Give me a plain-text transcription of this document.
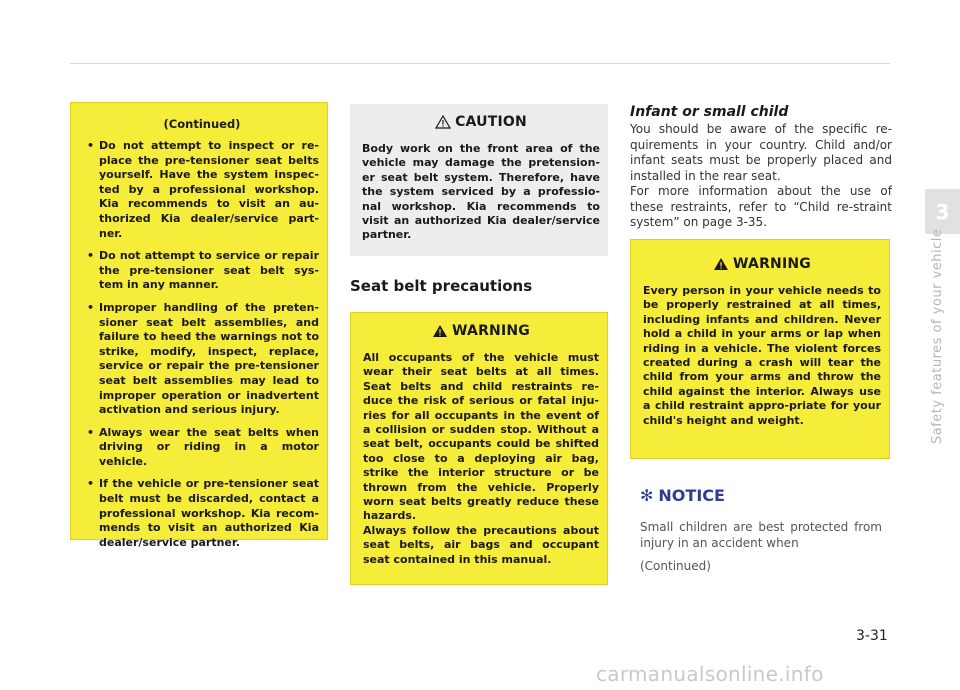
(Continued)
• Do not attempt to inspect or re-place the pre-tensioner seat belts yourself. Have the system inspec-ted by a professional workshop. Kia recommends to visit an au-thorized Kia dealer/service part-ner.
• Do not attempt to service or repair the pre-tensioner seat belt sys-tem in any manner.
• Improper handling of the preten-sioner seat belt assemblies, and failure to heed the warnings not to strike, modify, inspect, replace, service or repair the pre-tensioner seat belt assemblies may lead to improper operation or inadvertent activation and serious injury.
• Always wear the seat belts when driving or riding in a motor vehicle.
• If the vehicle or pre-tensioner seat belt must be discarded, contact a professional workshop. Kia recom-mends to visit an authorized Kia dealer/service partner.
CAUTION

Body work on the front area of the vehicle may damage the pretension-er seat belt system. Therefore, have the system serviced by a professio-nal workshop. Kia recommends to visit an authorized Kia dealer/service partner.

Seat belt precautions
WARNING

All occupants of the vehicle must wear their seat belts at all times. Seat belts and child restraints re-duce the risk of serious or fatal inju-ries for all occupants in the event of a collision or sudden stop. Without a seat belt, occupants could be shifted too close to a deploying air bag, strike the interior structure or be thrown from the vehicle. Properly worn seat belts greatly reduce these hazards.

Always follow the precautions about seat belts, air bags and occupant seat contained in this manual.

Infant or small child

You should be aware of the specific re-quirements in your country. Child and/or infant seats must be properly placed and installed in the rear seat.

For more information about the use of these restraints, refer to “Child re-straint system” on page 3-35.

WARNING

Every person in your vehicle needs to be properly restrained at all times, including infants and children. Never hold a child in your arms or lap when riding in a vehicle. The violent forces created during a crash will tear the child from your arms and throw the child against the interior. Always use a child restraint appro-priate for your child's height and weight.

✻ NOTICE

Small children are best protected from injury in an accident when

(Continued)
3
Safety features of your vehicle
3-31
carmanualsonline.info
